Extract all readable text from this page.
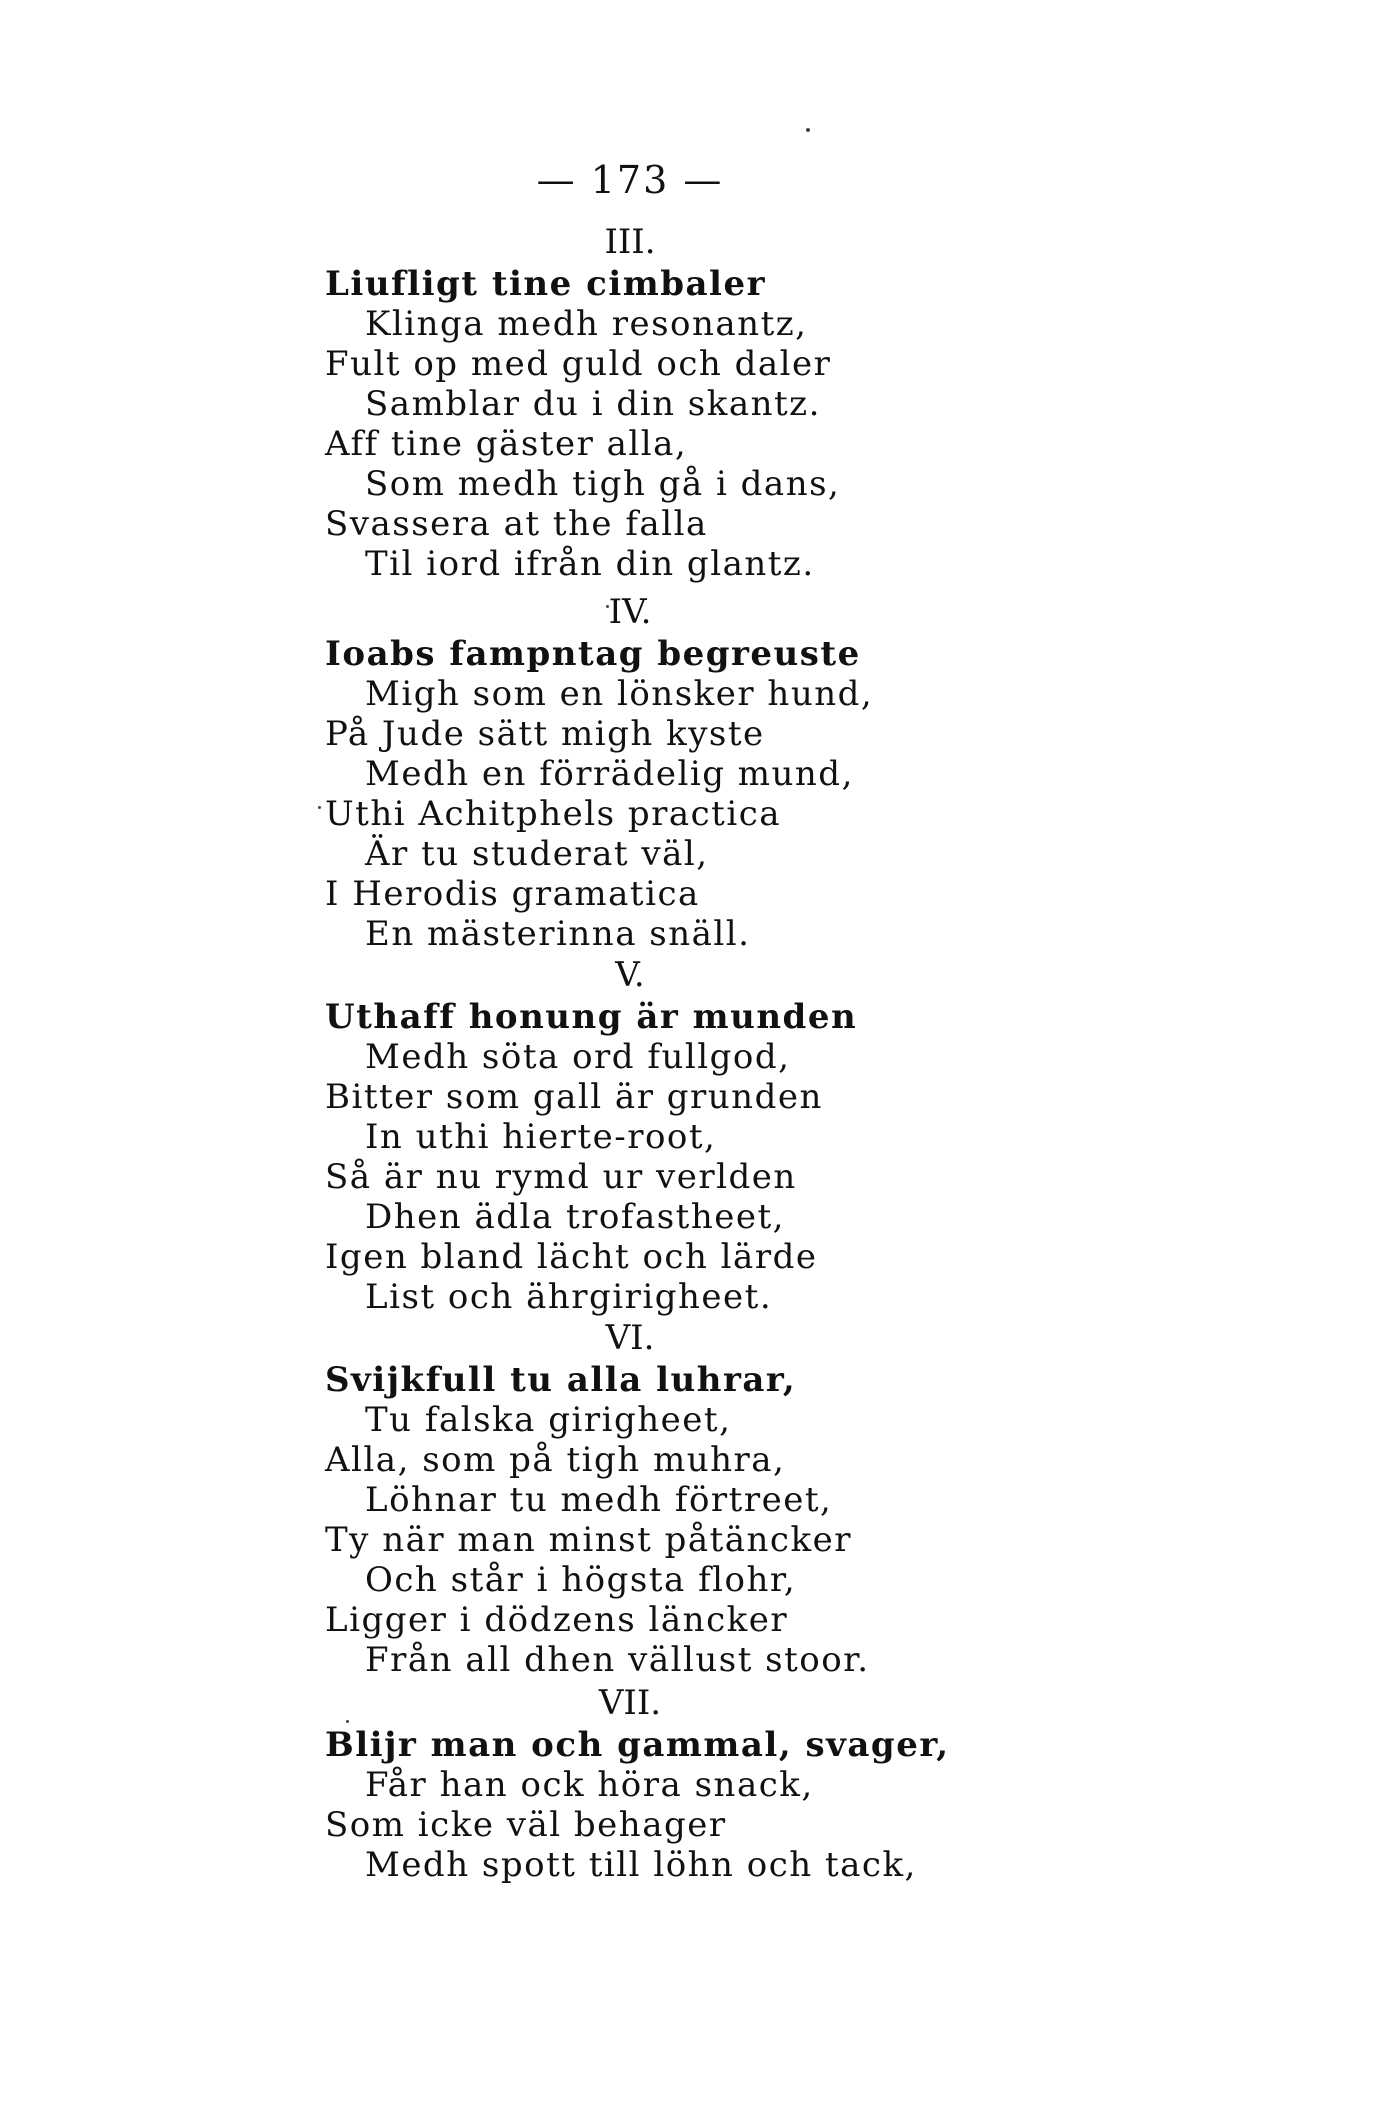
— 173 —
III.
Liufligt tine cimbaler
Klinga medh resonantz,
Fult op med guld och daler
Samblar du i din skantz.
Aff tine gäster alla,
Som medh tigh gå i dans,
Svassera at the falla
Til iord ifrån din glantz.
IV.
Ioabs fampntag begreuste
Migh som en lönsker hund,
På Jude sätt migh kyste
Medh en förrädelig mund,
Uthi Achitphels practica
Är tu studerat väl,
I Herodis gramatica
En mästerinna snäll.
V.
Uthaff honung är munden
Medh söta ord fullgod,
Bitter som gall är grunden
In uthi hierte-root,
Så är nu rymd ur verlden
Dhen ädla trofastheet,
Igen bland lächt och lärde
List och ährgirigheet.
VI.
Svijkfull tu alla luhrar,
Tu falska girigheet,
Alla, som på tigh muhra,
Löhnar tu medh förtreet,
Ty när man minst påtäncker
Och står i högsta flohr,
Ligger i dödzens läncker
Från all dhen vällust stoor.
VII.
Blijr man och gammal, svager,
Får han ock höra snack,
Som icke väl behager
Medh spott till löhn och tack,
